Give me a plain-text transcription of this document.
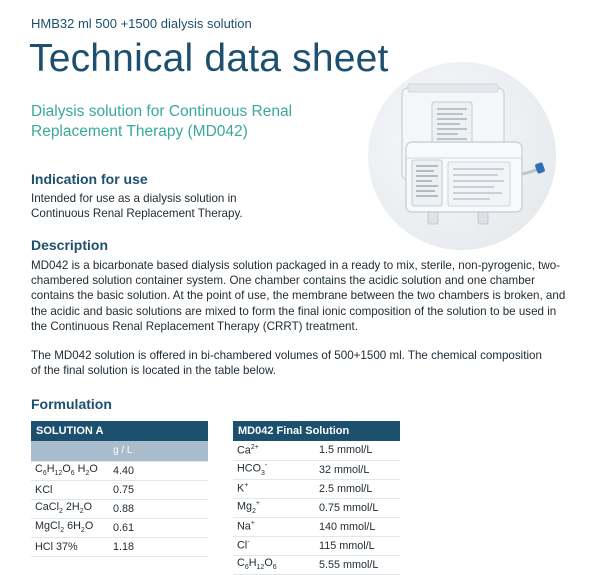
HMB32 ml 500 +1500 dialysis solution
Technical data sheet
Dialysis solution for Continuous Renal Replacement Therapy (MD042)
Indication for use
Intended for use as a dialysis solution in Continuous Renal Replacement Therapy.
Description
MD042 is a bicarbonate based dialysis solution packaged in a ready to mix, sterile, non-pyrogenic, two-chambered solution container system. One chamber contains the acidic solution and one chamber contains the basic solution. At the point of use, the membrane between the two chambers is broken, and the acidic and basic solutions are mixed to form the final ionic composition of the solution to be used in the Continuous Renal Replacement Therapy (CRRT) treatment.
The MD042 solution is offered in bi-chambered volumes of 500+1500 ml. The chemical composition of the final solution is located in the table below.
Formulation
SOLUTION A
	g / L
$C_6H_{12}O_6$ $H_2O$	4.40
KCl	0.75
CaCl$_2$ $2H_2O$	0.88
MgCl$_2$ $6H_2O$	0.61
HCl 37%	1.18
MD042 Final Solution
$Ca^{2+}$	1.5 mmol/L
$HCO_3^-$	32 mmol/L
K+	2.5 mmol/L
$Mg_2^+$	0.75 mmol/L
Na+	140 mmol/L
Cl-	115 mmol/L
$C_6H_{12}O_6$	5.55 mmol/L
